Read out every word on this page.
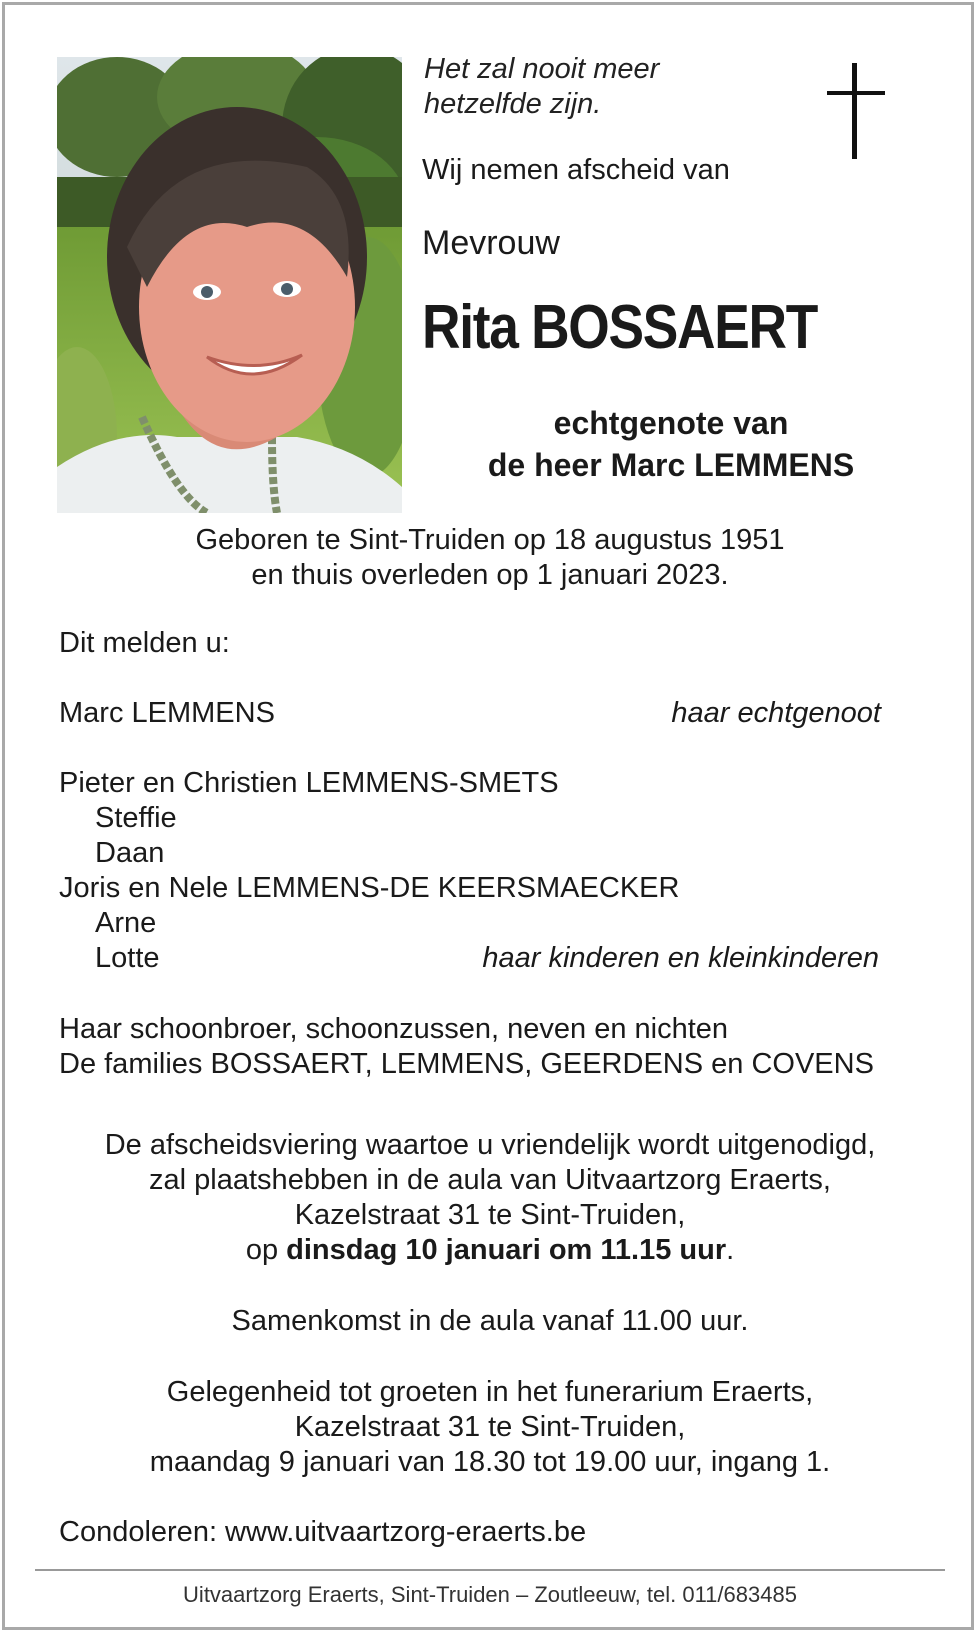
Het zal nooit meer
hetzelfde zijn.
Wij nemen afscheid van
Mevrouw
Rita BOSSAERT
echtgenote van
de heer Marc LEMMENS
Geboren te Sint-Truiden op 18 augustus 1951
en thuis overleden op 1 januari 2023.
Dit melden u:
Marc LEMMENS	haar echtgenoot
Pieter en Christien LEMMENS-SMETS
Steffie
Daan
Joris en Nele LEMMENS-DE KEERSMAECKER
Arne
Lotte	haar kinderen en kleinkinderen
Haar schoonbroer, schoonzussen, neven en nichten
De families BOSSAERT, LEMMENS, GEERDENS en COVENS
De afscheidsviering waartoe u vriendelijk wordt uitgenodigd,
zal plaatshebben in de aula van Uitvaartzorg Eraerts,
Kazelstraat 31 te Sint-Truiden,
op dinsdag 10 januari om 11.15 uur.
Samenkomst in de aula vanaf 11.00 uur.
Gelegenheid tot groeten in het funerarium Eraerts,
Kazelstraat 31 te Sint-Truiden,
maandag 9 januari van 18.30 tot 19.00 uur, ingang 1.
Condoleren: www.uitvaartzorg-eraerts.be
Uitvaartzorg Eraerts, Sint-Truiden – Zoutleeuw, tel. 011/683485
